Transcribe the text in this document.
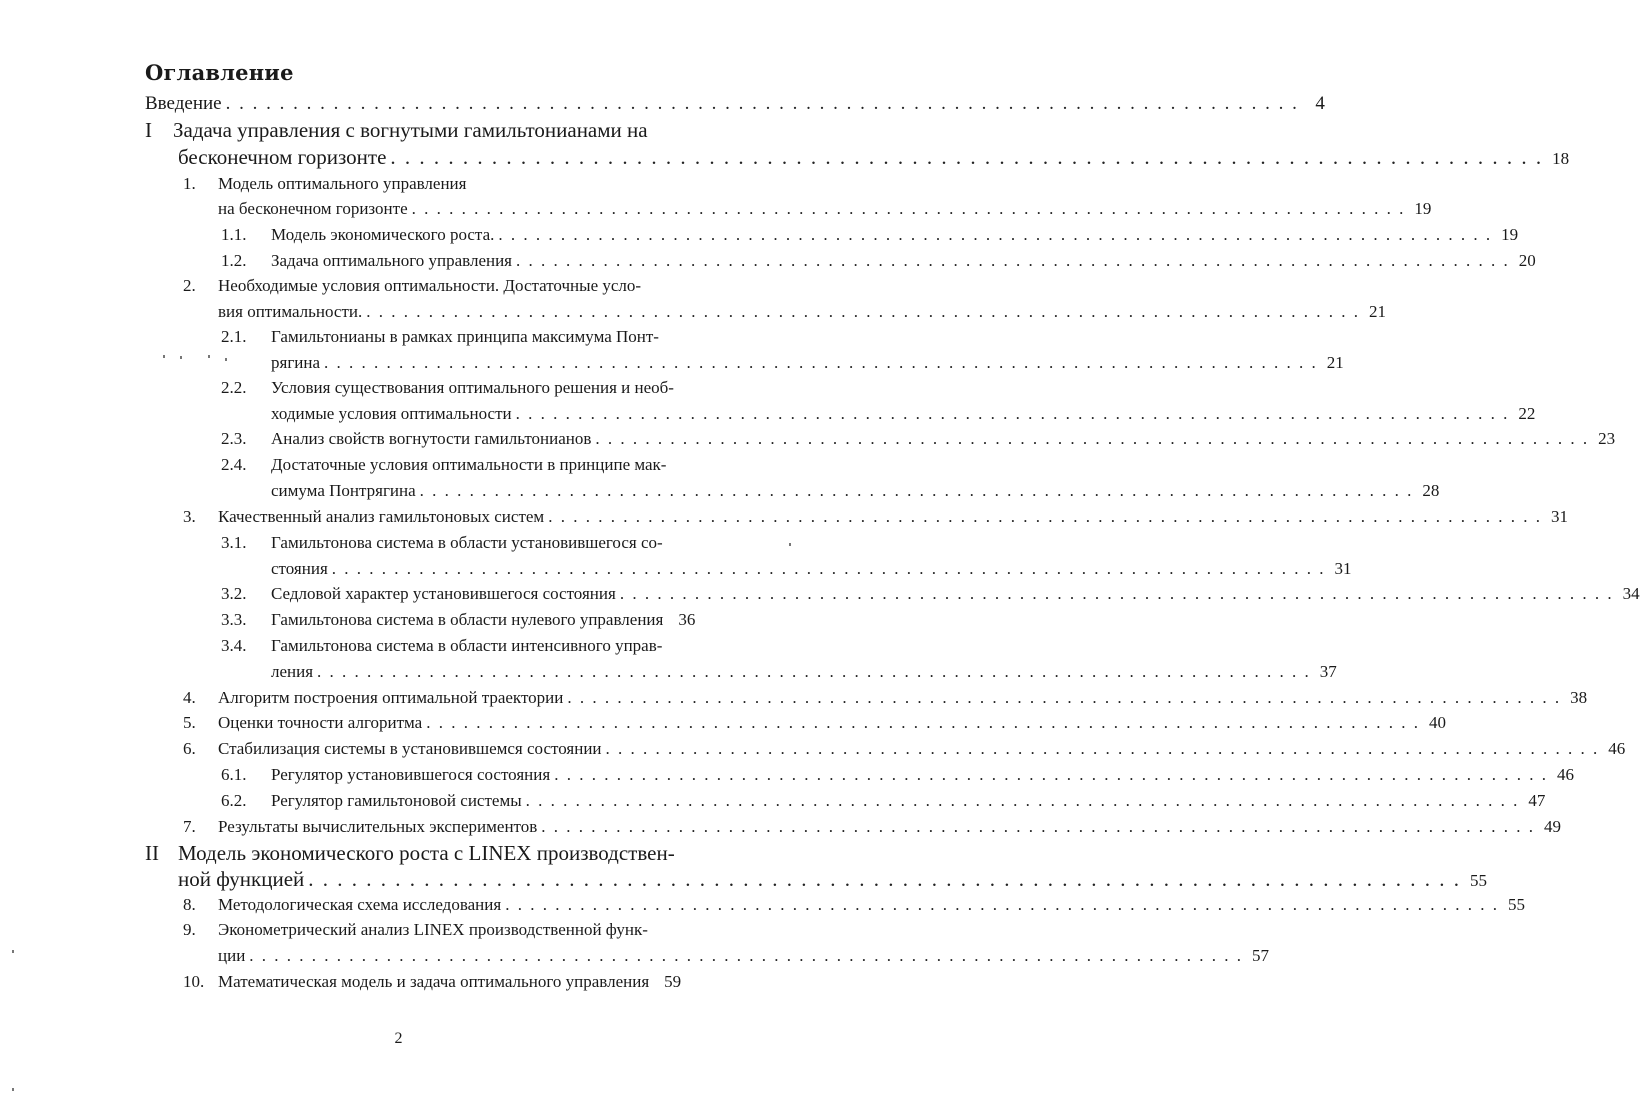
Оглавление
Введение . . .	4
I Задача управления с вогнутыми гамильтонианами на
бесконечном горизонте . . .	18
1. Модель оптимального управления
на бесконечном горизонте . . .	19
1.1.	Модель экономического роста. . . .	19
1.2.	Задача оптимального управления . . .	20
2. Необходимые условия оптимальности. Достаточные усло-
вия оптимальности. . . .	21
2.1. Гамильтонианы в рамках принципа максимума Понт-
рягина . . .	21
2.2. Условия существования оптимального решения и необ-
ходимые условия оптимальности . . .	22
2.3.	Анализ свойств вогнутости гамильтонианов . . .	23
2.4. Достаточные условия оптимальности в принципе мак-
симума Понтрягина . . .	28
3.	Качественный анализ гамильтоновых систем . . .	31
3.1. Гамильтонова система в области установившегося со-
стояния . . .	31
3.2.	Седловой характер установившегося состояния . . .	34
3.3.	Гамильтонова система в области нулевого управления 36
3.4. Гамильтонова система в области интенсивного управ-
ления . . .	37
4.	Алгоритм построения оптимальной траектории . . .	38
5.	Оценки точности алгоритма . . .	40
6.	Стабилизация системы в установившемся состоянии . . .	46
6.1.	Регулятор установившегося состояния . . .	46
6.2.	Регулятор гамильтоновой системы . . .	47
7.	Результаты вычислительных экспериментов . . .	49
II Модель экономического роста с LINEX производствен-
ной функцией . . .	55
8.	Методологическая схема исследования . . .	55
9. Эконометрический анализ LINEX производственной функ-
ции . . .	57
10. Математическая модель и задача оптимального управления 59
2
